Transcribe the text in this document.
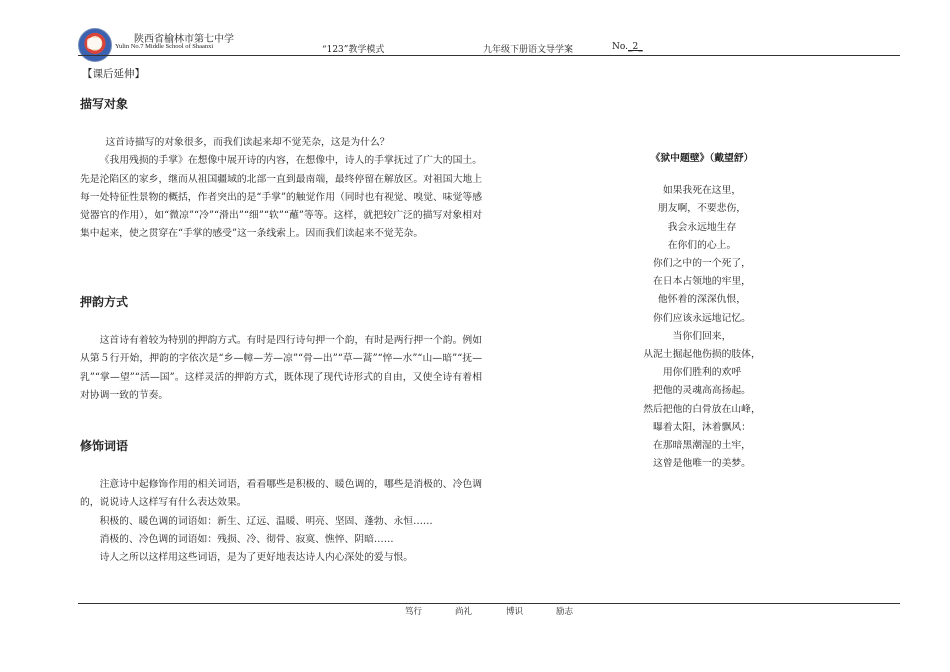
陕西省榆林市第七中学
Yulin No.7 Middle School of Shaanxi	“123”教学模式	九年级下册语文导学案	No._2_
【课后延伸】
描写对象

这首诗描写的对象很多，而我们读起来却不觉芜杂，这是为什么？

《我用残损的手掌》在想像中展开诗的内容，在想像中，诗人的手掌抚过了广大的国土。先是沦陷区的家乡，继而从祖国疆域的北部一直到最南端，最终停留在解放区。对祖国大地上每一处特征性景物的概括，作者突出的是“手掌”的触觉作用（同时也有视觉、嗅觉、味觉等感觉器官的作用），如“微凉”“冷”“滑出”“细”“软”“蘸”等等。这样，就把较广泛的描写对象相对集中起来，使之贯穿在“手掌的感受”这一条线索上。因而我们读起来不觉芜杂。

押韵方式

这首诗有着较为特别的押韵方式。有时是四行诗句押一个韵，有时是两行押一个韵。例如从第５行开始，押韵的字依次是“乡—幛—芳—凉”“骨—出”“草—蒿”“悴—水”“山—暗”“抚—乳”“掌—望”“活—国”。这样灵活的押韵方式，既体现了现代诗形式的自由，又使全诗有着相对协调一致的节奏。

修饰词语

注意诗中起修饰作用的相关词语，看看哪些是积极的、暖色调的，哪些是消极的、冷色调的，说说诗人这样写有什么表达效果。

积极的、暖色调的词语如：新生、辽远、温暖、明亮、坚固、蓬勃、永恒……

消极的、冷色调的词语如：残损、冷、彻骨、寂寞、憔悴、阴暗……

诗人之所以这样用这些词语，是为了更好地表达诗人内心深处的爱与恨。

《狱中题壁》（戴望舒）
如果我死在这里，
朋友啊，不要悲伤，
我会永远地生存
在你们的心上。
你们之中的一个死了，
在日本占领地的牢里，
他怀着的深深仇恨，
你们应该永远地记忆。
当你们回来，
从泥土掘起他伤损的肢体，
用你们胜利的欢呼
把他的灵魂高高扬起。
然后把他的白骨放在山峰，
曝着太阳，沐着飘风：
在那暗黑潮湿的土牢，
这曾是他唯一的美梦。
笃行	尚礼	博识	励志
